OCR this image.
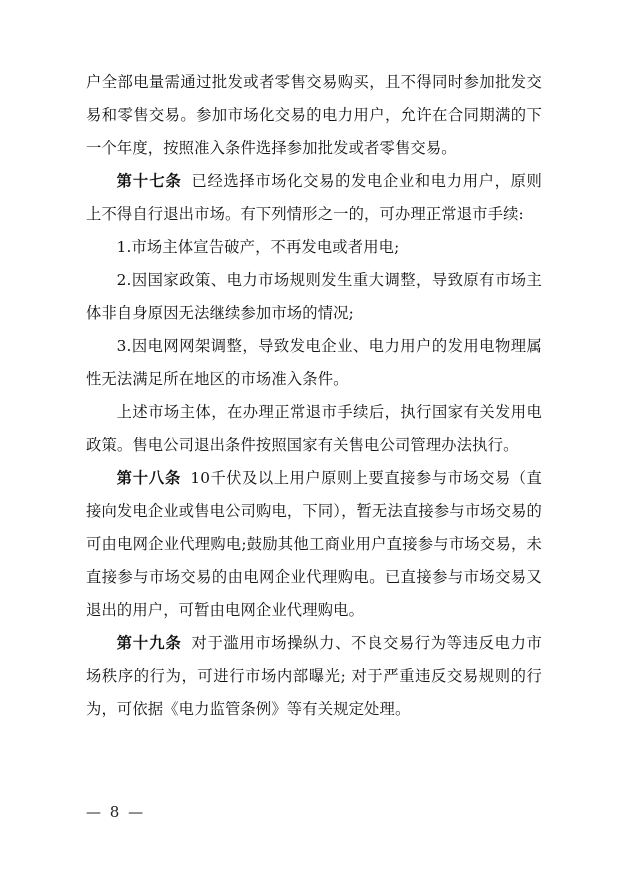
户全部电量需通过批发或者零售交易购买，且不得同时参加批发交易和零售交易。参加市场化交易的电力用户，允许在合同期满的下一个年度，按照准入条件选择参加批发或者零售交易。

第十七条 已经选择市场化交易的发电企业和电力用户，原则上不得自行退出市场。有下列情形之一的，可办理正常退市手续:

1.市场主体宣告破产，不再发电或者用电;

2.因国家政策、电力市场规则发生重大调整，导致原有市场主体非自身原因无法继续参加市场的情况;

3.因电网网架调整，导致发电企业、电力用户的发用电物理属性无法满足所在地区的市场准入条件。

上述市场主体，在办理正常退市手续后，执行国家有关发用电政策。售电公司退出条件按照国家有关售电公司管理办法执行。

第十八条 10千伏及以上用户原则上要直接参与市场交易（直接向发电企业或售电公司购电，下同），暂无法直接参与市场交易的可由电网企业代理购电;鼓励其他工商业用户直接参与市场交易，未直接参与市场交易的由电网企业代理购电。已直接参与市场交易又退出的用户，可暂由电网企业代理购电。

第十九条 对于滥用市场操纵力、不良交易行为等违反电力市场秩序的行为，可进行市场内部曝光; 对于严重违反交易规则的行为，可依据《电力监管条例》等有关规定处理。

— 8 —
